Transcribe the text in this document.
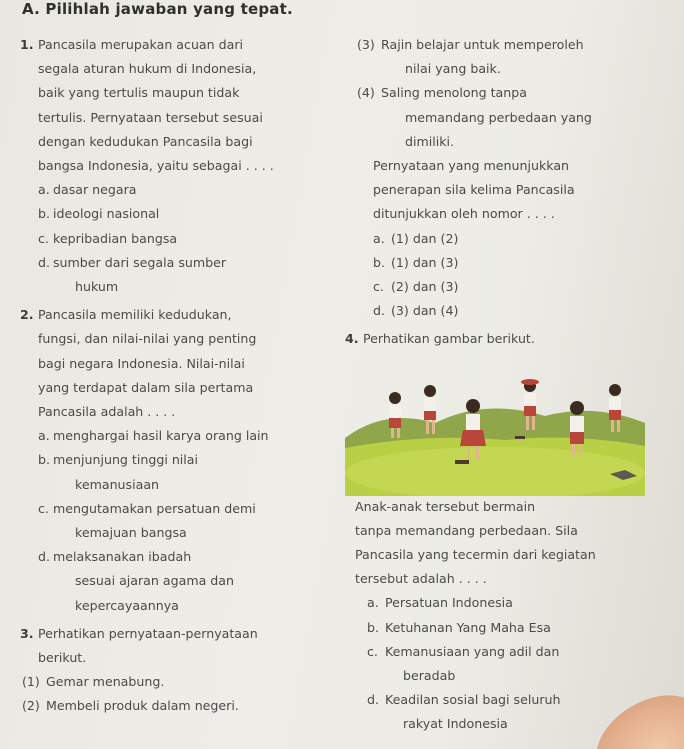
A. Pilihlah jawaban yang tepat.
1. Pancasila merupakan acuan dari
segala aturan hukum di Indonesia,
baik yang tertulis maupun tidak
tertulis. Pernyataan tersebut sesuai
dengan kedudukan Pancasila bagi
bangsa Indonesia, yaitu sebagai . . . .
a. dasar negara
b. ideologi nasional
c. kepribadian bangsa
d. sumber dari segala sumber
hukum
2. Pancasila memiliki kedudukan,
fungsi, dan nilai-nilai yang penting
bagi negara Indonesia. Nilai-nilai
yang terdapat dalam sila pertama
Pancasila adalah . . . .
a. menghargai hasil karya orang lain
b. menjunjung tinggi nilai
kemanusiaan
c. mengutamakan persatuan demi
kemajuan bangsa
d. melaksanakan ibadah
sesuai ajaran agama dan
kepercayaannya
3. Perhatikan pernyataan-pernyataan
berikut.
(1) Gemar menabung.
(2) Membeli produk dalam negeri.
(3) Rajin belajar untuk memperoleh
nilai yang baik.
(4) Saling menolong tanpa
memandang perbedaan yang
dimiliki.
Pernyataan yang menunjukkan
penerapan sila kelima Pancasila
ditunjukkan oleh nomor . . . .
a. (1) dan (2)
b. (1) dan (3)
c. (2) dan (3)
d. (3) dan (4)
4. Perhatikan gambar berikut.
Anak-anak tersebut bermain
tanpa memandang perbedaan. Sila
Pancasila yang tecermin dari kegiatan
tersebut adalah . . . .
a. Persatuan Indonesia
b. Ketuhanan Yang Maha Esa
c. Kemanusiaan yang adil dan
beradab
d. Keadilan sosial bagi seluruh
rakyat Indonesia
